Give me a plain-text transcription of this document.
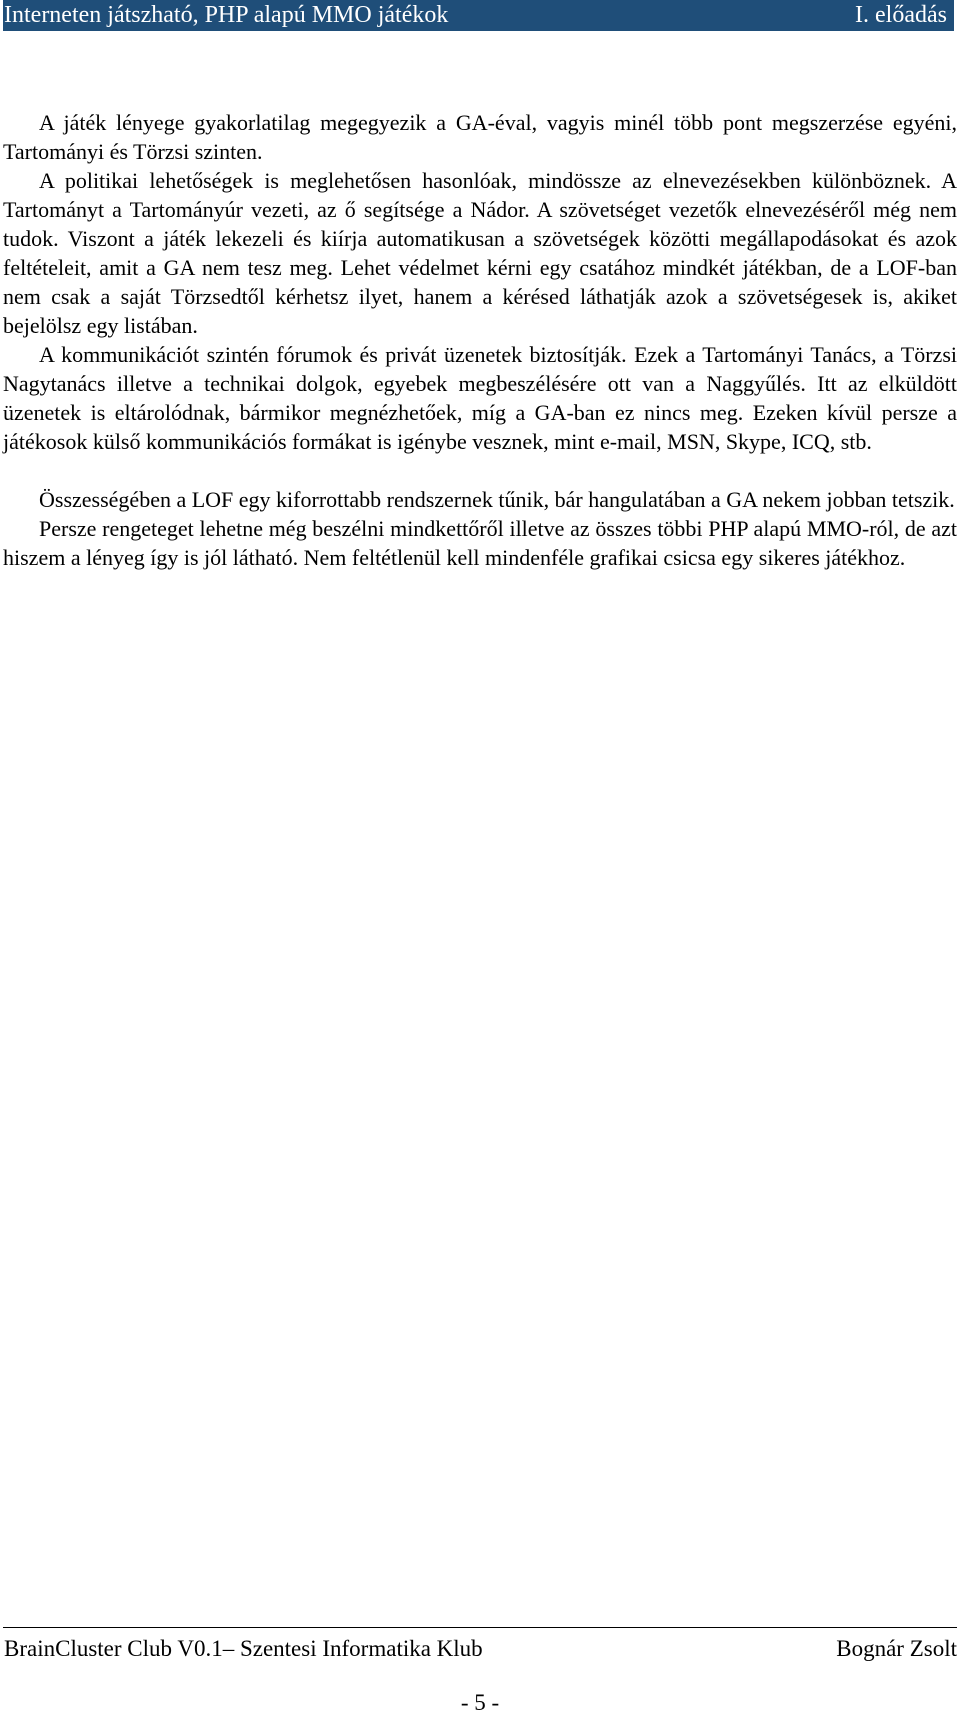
Interneten játszható, PHP alapú MMO játékok	I. előadás

A játék lényege gyakorlatilag megegyezik a GA-éval, vagyis minél több pont megszerzése egyéni, Tartományi és Törzsi szinten.

A politikai lehetőségek is meglehetősen hasonlóak, mindössze az elnevezésekben különböznek. A Tartományt a Tartományúr vezeti, az ő segítsége a Nádor. A szövetséget vezetők elnevezéséről még nem tudok. Viszont a játék lekezeli és kiírja automatikusan a szövetségek közötti megállapodásokat és azok feltételeit, amit a GA nem tesz meg. Lehet védelmet kérni egy csatához mindkét játékban, de a LOF-ban nem csak a saját Törzsedtől kérhetsz ilyet, hanem a kérésed láthatják azok a szövetségesek is, akiket bejelölsz egy listában.

A kommunikációt szintén fórumok és privát üzenetek biztosítják. Ezek a Tartományi Tanács, a Törzsi Nagytanács illetve a technikai dolgok, egyebek megbeszélésére ott van a Naggyűlés. Itt az elküldött üzenetek is eltárolódnak, bármikor megnézhetőek, míg a GA-ban ez nincs meg. Ezeken kívül persze a játékosok külső kommunikációs formákat is igénybe vesznek, mint e-mail, MSN, Skype, ICQ, stb.

Összességében a LOF egy kiforrottabb rendszernek tűnik, bár hangulatában a GA nekem jobban tetszik.

Persze rengeteget lehetne még beszélni mindkettőről illetve az összes többi PHP alapú MMO-ról, de azt hiszem a lényeg így is jól látható. Nem feltétlenül kell mindenféle grafikai csicsa egy sikeres játékhoz.

BrainCluster Club V0.1– Szentesi Informatika Klub	Bognár Zsolt
- 5 -
